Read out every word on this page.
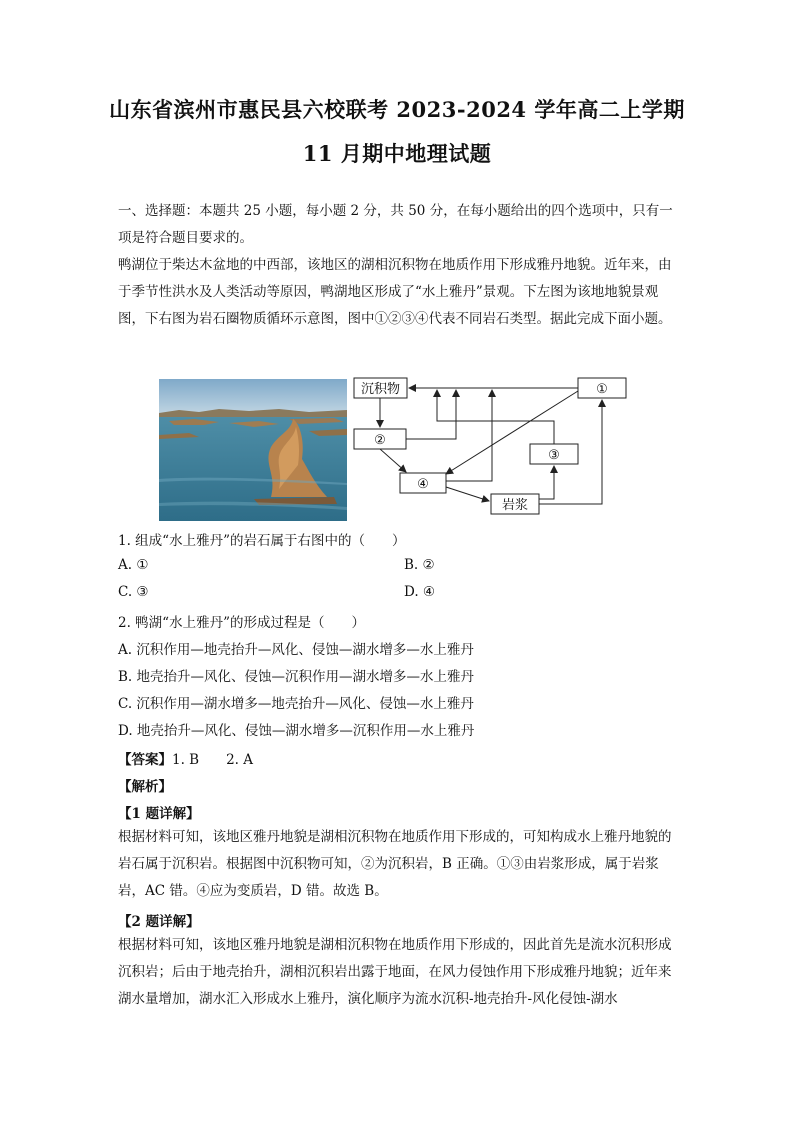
山东省滨州市惠民县六校联考 2023-2024 学年高二上学期
11 月期中地理试题
一、选择题：本题共 25 小题，每小题 2 分，共 50 分，在每小题给出的四个选项中，只有一项是符合题目要求的。
鸭湖位于柴达木盆地的中西部，该地区的湖相沉积物在地质作用下形成雅丹地貌。近年来，由于季节性洪水及人类活动等原因，鸭湖地区形成了“水上雅丹”景观。下左图为该地地貌景观图，下右图为岩石圈物质循环示意图，图中①②③④代表不同岩石类型。据此完成下面小题。
沉积物	①
②
③
④
岩浆
1. 组成“水上雅丹”的岩石属于右图中的（　　）
A. ①	B. ②
C. ③	D. ④
2. 鸭湖“水上雅丹”的形成过程是（　　）
A. 沉积作用—地壳抬升—风化、侵蚀—湖水增多—水上雅丹
B. 地壳抬升—风化、侵蚀—沉积作用—湖水增多—水上雅丹
C. 沉积作用—湖水增多—地壳抬升—风化、侵蚀—水上雅丹
D. 地壳抬升—风化、侵蚀—湖水增多—沉积作用—水上雅丹
【答案】1. B　　2. A
【解析】
【1 题详解】
根据材料可知，该地区雅丹地貌是湖相沉积物在地质作用下形成的，可知构成水上雅丹地貌的岩石属于沉积岩。根据图中沉积物可知，②为沉积岩，B 正确。①③由岩浆形成，属于岩浆岩，AC 错。④应为变质岩，D 错。故选 B。
【2 题详解】
根据材料可知，该地区雅丹地貌是湖相沉积物在地质作用下形成的，因此首先是流水沉积形成沉积岩；后由于地壳抬升，湖相沉积岩出露于地面，在风力侵蚀作用下形成雅丹地貌；近年来湖水量增加，湖水汇入形成水上雅丹，演化顺序为流水沉积-地壳抬升-风化侵蚀-湖水
